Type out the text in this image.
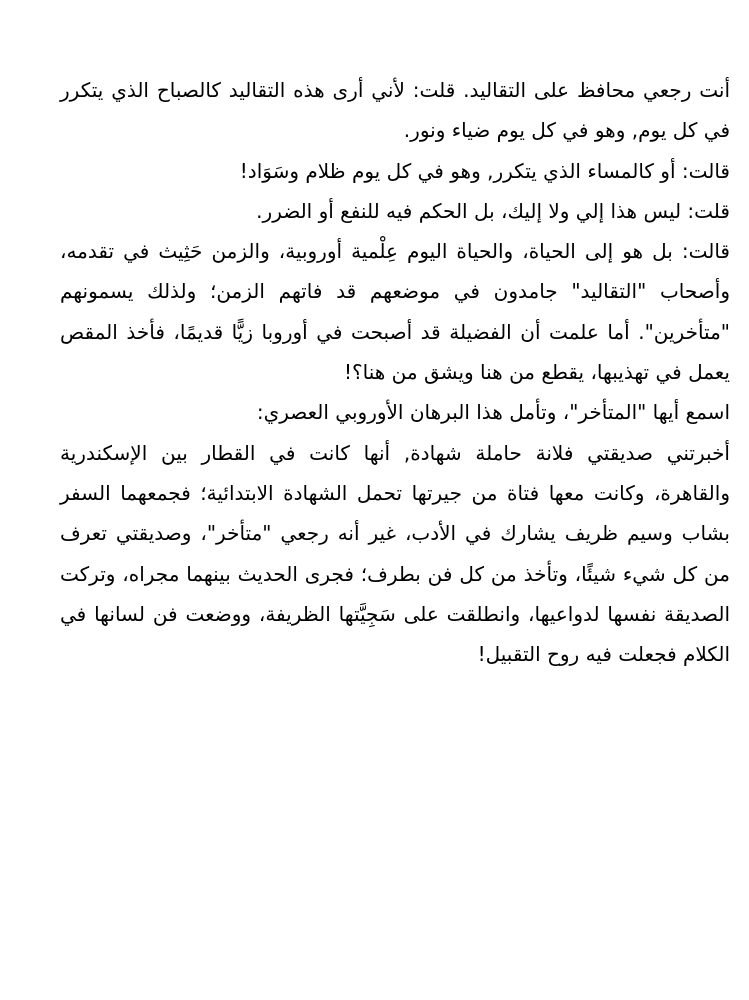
أنت رجعي محافظ على التقاليد. قلت: لأني أرى هذه التقاليد كالصباح الذي يتكرر في كل يوم, وهو في كل يوم ضياء ونور.

قالت: أو كالمساء الذي يتكرر, وهو في كل يوم ظلام وسَوَاد!

قلت: ليس هذا إلي ولا إليك، بل الحكم فيه للنفع أو الضرر.

قالت: بل هو إلى الحياة، والحياة اليوم عِلْمية أوروبية، والزمن حَثِيث في تقدمه، وأصحاب "التقاليد" جامدون في موضعهم قد فاتهم الزمن؛ ولذلك يسمونهم "متأخرين". أما علمت أن الفضيلة قد أصبحت في أوروبا زيًّا قديمًا، فأخذ المقص يعمل في تهذيبها، يقطع من هنا ويشق من هنا؟!

اسمع أيها "المتأخر"، وتأمل هذا البرهان الأوروبي العصري:

أخبرتني صديقتي فلانة حاملة شهادة, أنها كانت في القطار بين الإسكندرية والقاهرة، وكانت معها فتاة من جيرتها تحمل الشهادة الابتدائية؛ فجمعهما السفر بشاب وسيم ظريف يشارك في الأدب، غير أنه رجعي "متأخر"، وصديقتي تعرف من كل شيء شيئًا، وتأخذ من كل فن بطرف؛ فجرى الحديث بينهما مجراه، وتركت الصديقة نفسها لدواعيها، وانطلقت على سَجِيَّتها الظريفة، ووضعت فن لسانها في الكلام فجعلت فيه روح التقبيل!
